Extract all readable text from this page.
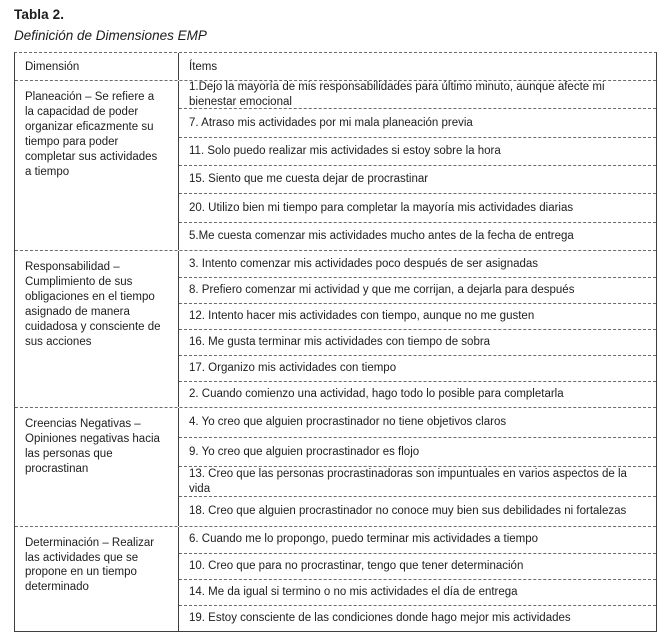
Tabla 2.
Definición de Dimensiones EMP
Dimensión	Ítems
Planeación – Se refiere a la capacidad de poder organizar eficazmente su tiempo para poder completar sus actividades a tiempo
1.Dejo la mayoría de mis responsabilidades para último minuto, aunque afecte mi bienestar emocional
7. Atraso mis actividades por mi mala planeación previa
11. Solo puedo realizar mis actividades si estoy sobre la hora
15. Siento que me cuesta dejar de procrastinar
20. Utilizo bien mi tiempo para completar la mayoría mis actividades diarias
5.Me cuesta comenzar mis actividades mucho antes de la fecha de entrega
Responsabilidad – Cumplimiento de sus obligaciones en el tiempo asignado de manera cuidadosa y consciente de sus acciones
3. Intento comenzar mis actividades poco después de ser asignadas
8. Prefiero comenzar mi actividad y que me corrijan, a dejarla para después
12. Intento hacer mis actividades con tiempo, aunque no me gusten
16. Me gusta terminar mis actividades con tiempo de sobra
17. Organizo mis actividades con tiempo
2. Cuando comienzo una actividad, hago todo lo posible para completarla
Creencias Negativas – Opiniones negativas hacia las personas que procrastinan
4. Yo creo que alguien procrastinador no tiene objetivos claros
9. Yo creo que alguien procrastinador es flojo
13. Creo que las personas procrastinadoras son impuntuales en varios aspectos de la vida
18. Creo que alguien procrastinador no conoce muy bien sus debilidades ni fortalezas
Determinación – Realizar las actividades que se propone en un tiempo determinado
6. Cuando me lo propongo, puedo terminar mis actividades a tiempo
10. Creo que para no procrastinar, tengo que tener determinación
14. Me da igual si termino o no mis actividades el día de entrega
19. Estoy consciente de las condiciones donde hago mejor mis actividades
